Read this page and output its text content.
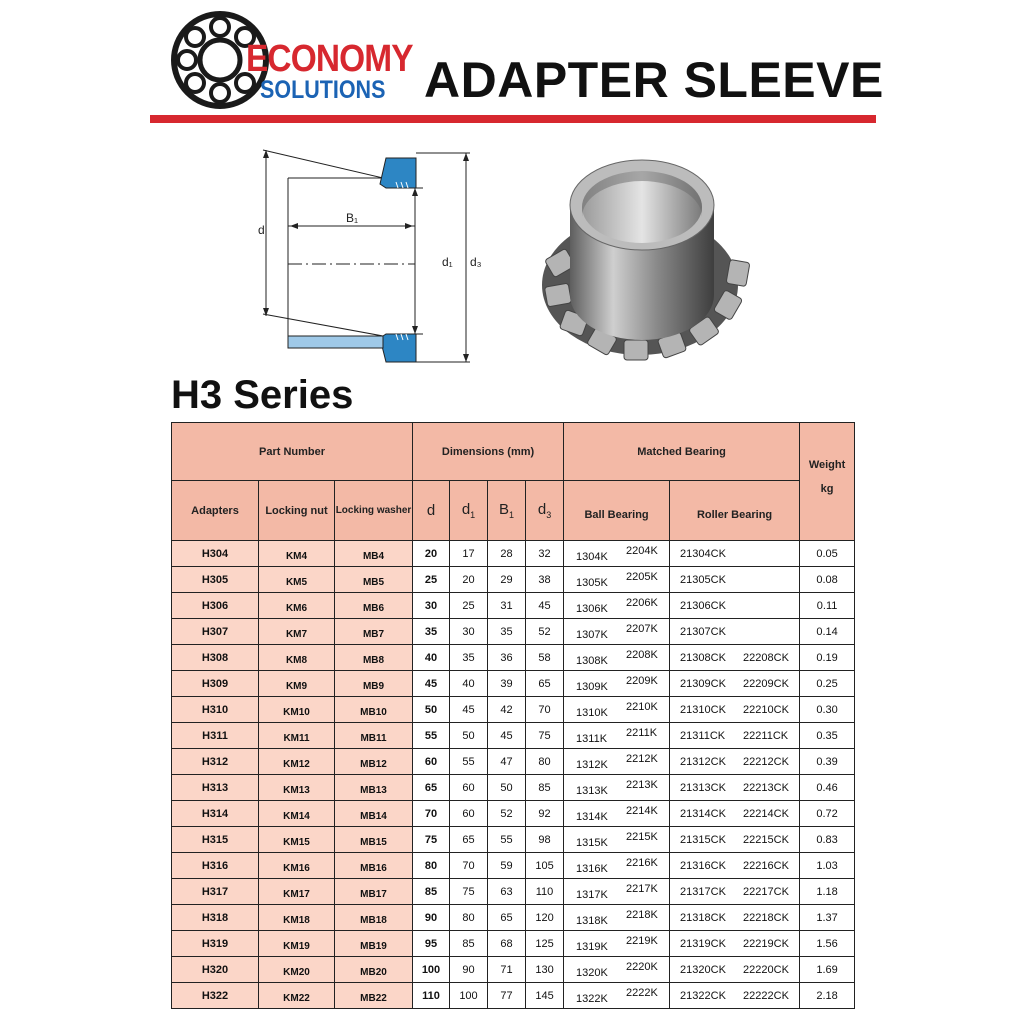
ECONOMY
SOLUTIONS ADAPTER SLEEVE
d
B₁
d₁ d₃
H3 Series
Part Number			Dimensions (mm)				Matched Bearing		Weight
kg

Adapters	Locking nut	Locking washer	d	$d_1$	$B_1$	$d_3$	Ball Bearing	Roller Bearing	
H304	KM4	MB4	20	17	28	32	1304K 2204K	21304CK	0.05
H305	KM5	MB5	25	20	29	38	1305K 2205K	21305CK	0.08
H306	KM6	MB6	30	25	31	45	1306K 2206K	21306CK	0.11
H307	KM7	MB7	35	30	35	52	1307K 2207K	21307CK	0.14
H308	KM8	MB8	40	35	36	58	1308K 2208K	21308CK 22208CK	0.19
H309	KM9	MB9	45	40	39	65	1309K 2209K	21309CK 22209CK	0.25
H310	KM10	MB10	50	45	42	70	1310K 2210K	21310CK 22210CK	0.30
H311	KM11	MB11	55	50	45	75	1311K 2211K	21311CK 22211CK	0.35
H312	KM12	MB12	60	55	47	80	1312K 2212K	21312CK 22212CK	0.39
H313	KM13	MB13	65	60	50	85	1313K 2213K	21313CK 22213CK	0.46
H314	KM14	MB14	70	60	52	92	1314K 2214K	21314CK 22214CK	0.72
H315	KM15	MB15	75	65	55	98	1315K 2215K	21315CK 22215CK	0.83
H316	KM16	MB16	80	70	59	105	1316K 2216K	21316CK 22216CK	1.03
H317	KM17	MB17	85	75	63	110	1317K 2217K	21317CK 22217CK	1.18
H318	KM18	MB18	90	80	65	120	1318K 2218K	21318CK 22218CK	1.37
H319	KM19	MB19	95	85	68	125	1319K 2219K	21319CK 22219CK	1.56
H320	KM20	MB20	100	90	71	130	1320K 2220K	21320CK 22220CK	1.69
H322	KM22	MB22	110	100	77	145	1322K 2222K	21322CK 22222CK	2.18
